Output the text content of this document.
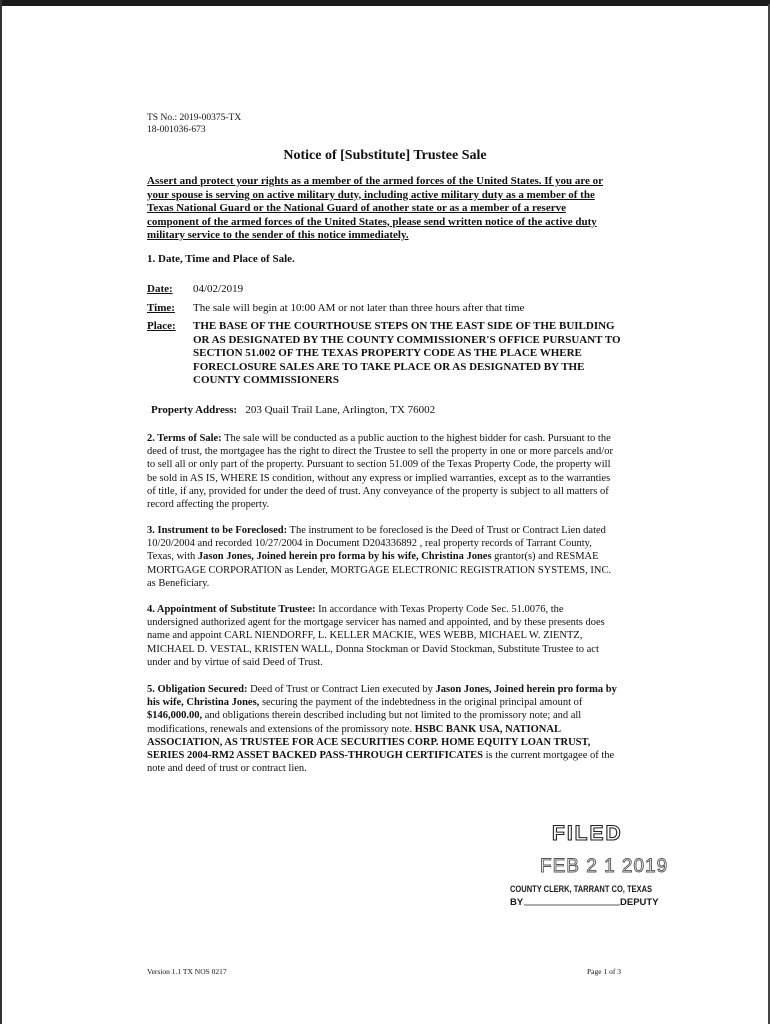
TS No.: 2019-00375-TX
18-001036-673
Notice of [Substitute] Trustee Sale
Assert and protect your rights as a member of the armed forces of the United States. If you are or your spouse is serving on active military duty, including active military duty as a member of the Texas National Guard or the National Guard of another state or as a member of a reserve component of the armed forces of the United States, please send written notice of the active duty military service to the sender of this notice immediately.
1. Date, Time and Place of Sale.
Date:	04/02/2019
Time:	The sale will begin at 10:00 AM or not later than three hours after that time
Place:	THE BASE OF THE COURTHOUSE STEPS ON THE EAST SIDE OF THE BUILDING OR AS DESIGNATED BY THE COUNTY COMMISSIONER'S OFFICE PURSUANT TO SECTION 51.002 OF THE TEXAS PROPERTY CODE AS THE PLACE WHERE FORECLOSURE SALES ARE TO TAKE PLACE OR AS DESIGNATED BY THE COUNTY COMMISSIONERS
Property Address: 203 Quail Trail Lane, Arlington, TX 76002
2. Terms of Sale: The sale will be conducted as a public auction to the highest bidder for cash. Pursuant to the deed of trust, the mortgagee has the right to direct the Trustee to sell the property in one or more parcels and/or to sell all or only part of the property. Pursuant to section 51.009 of the Texas Property Code, the property will be sold in AS IS, WHERE IS condition, without any express or implied warranties, except as to the warranties of title, if any, provided for under the deed of trust. Any conveyance of the property is subject to all matters of record affecting the property.
3. Instrument to be Foreclosed: The instrument to be foreclosed is the Deed of Trust or Contract Lien dated 10/20/2004 and recorded 10/27/2004 in Document D204336892 , real property records of Tarrant County, Texas, with Jason Jones, Joined herein pro forma by his wife, Christina Jones grantor(s) and RESMAE MORTGAGE CORPORATION as Lender, MORTGAGE ELECTRONIC REGISTRATION SYSTEMS, INC. as Beneficiary.
4. Appointment of Substitute Trustee: In accordance with Texas Property Code Sec. 51.0076, the undersigned authorized agent for the mortgage servicer has named and appointed, and by these presents does name and appoint CARL NIENDORFF, L. KELLER MACKIE, WES WEBB, MICHAEL W. ZIENTZ, MICHAEL D. VESTAL, KRISTEN WALL, Donna Stockman or David Stockman, Substitute Trustee to act under and by virtue of said Deed of Trust.
5. Obligation Secured: Deed of Trust or Contract Lien executed by Jason Jones, Joined herein pro forma by his wife, Christina Jones, securing the payment of the indebtedness in the original principal amount of $146,000.00, and obligations therein described including but not limited to the promissory note; and all modifications, renewals and extensions of the promissory note. HSBC BANK USA, NATIONAL ASSOCIATION, AS TRUSTEE FOR ACE SECURITIES CORP. HOME EQUITY LOAN TRUST, SERIES 2004-RM2 ASSET BACKED PASS-THROUGH CERTIFICATES is the current mortgagee of the note and deed of trust or contract lien.
FILED
FEB 2 1 2019
COUNTY CLERK, TARRANT CO, TEXAS
BY	DEPUTY
Version 1.1 TX NOS 0217	Page 1 of 3
